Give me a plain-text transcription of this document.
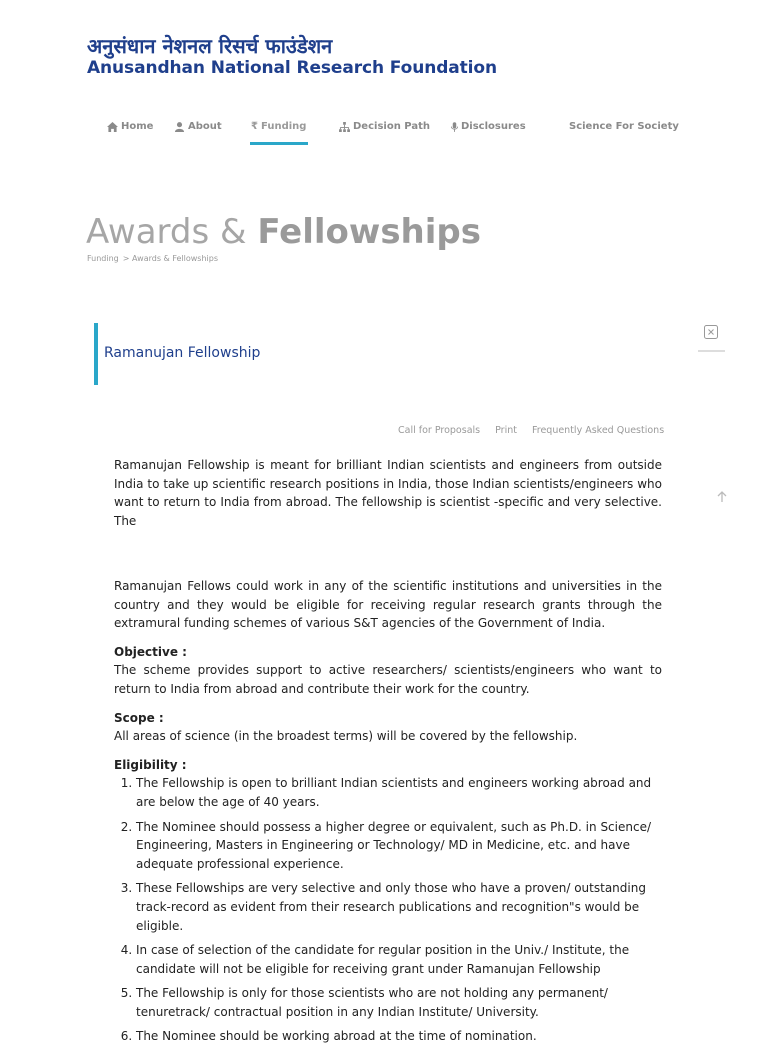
अनुसंधान नेशनल रिसर्च फाउंडेशन
Anusandhan National Research Foundation
Home	About	₹ Funding	Decision Path	Disclosures	Science For Society
Awards & Fellowships
Funding > Awards & Fellowships
Ramanujan Fellowship
Call for Proposals Print Frequently Asked Questions

Ramanujan Fellowship is meant for brilliant Indian scientists and engineers from outside India to take up scientific research positions in India, those Indian scientists/engineers who want to return to India from abroad. The fellowship is scientist -specific and very selective. The

Ramanujan Fellows could work in any of the scientific institutions and universities in the country and they would be eligible for receiving regular research grants through the extramural funding schemes of various S&T agencies of the Government of India.

Objective :

The scheme provides support to active researchers/ scientists/engineers who want to return to India from abroad and contribute their work for the country.

Scope :

All areas of science (in the broadest terms) will be covered by the fellowship.

Eligibility :

1. The Fellowship is open to brilliant Indian scientists and engineers working abroad and are below the age of 40 years.
2. The Nominee should possess a higher degree or equivalent, such as Ph.D. in Science/ Engineering, Masters in Engineering or Technology/ MD in Medicine, etc. and have adequate professional experience.
3. These Fellowships are very selective and only those who have a proven/ outstanding track-record as evident from their research publications and recognition"s would be eligible.
4. In case of selection of the candidate for regular position in the Univ./ Institute, the candidate will not be eligible for receiving grant under Ramanujan Fellowship
5. The Fellowship is only for those scientists who are not holding any permanent/ tenuretrack/ contractual position in any Indian Institute/ University.
6. The Nominee should be working abroad at the time of nomination.
